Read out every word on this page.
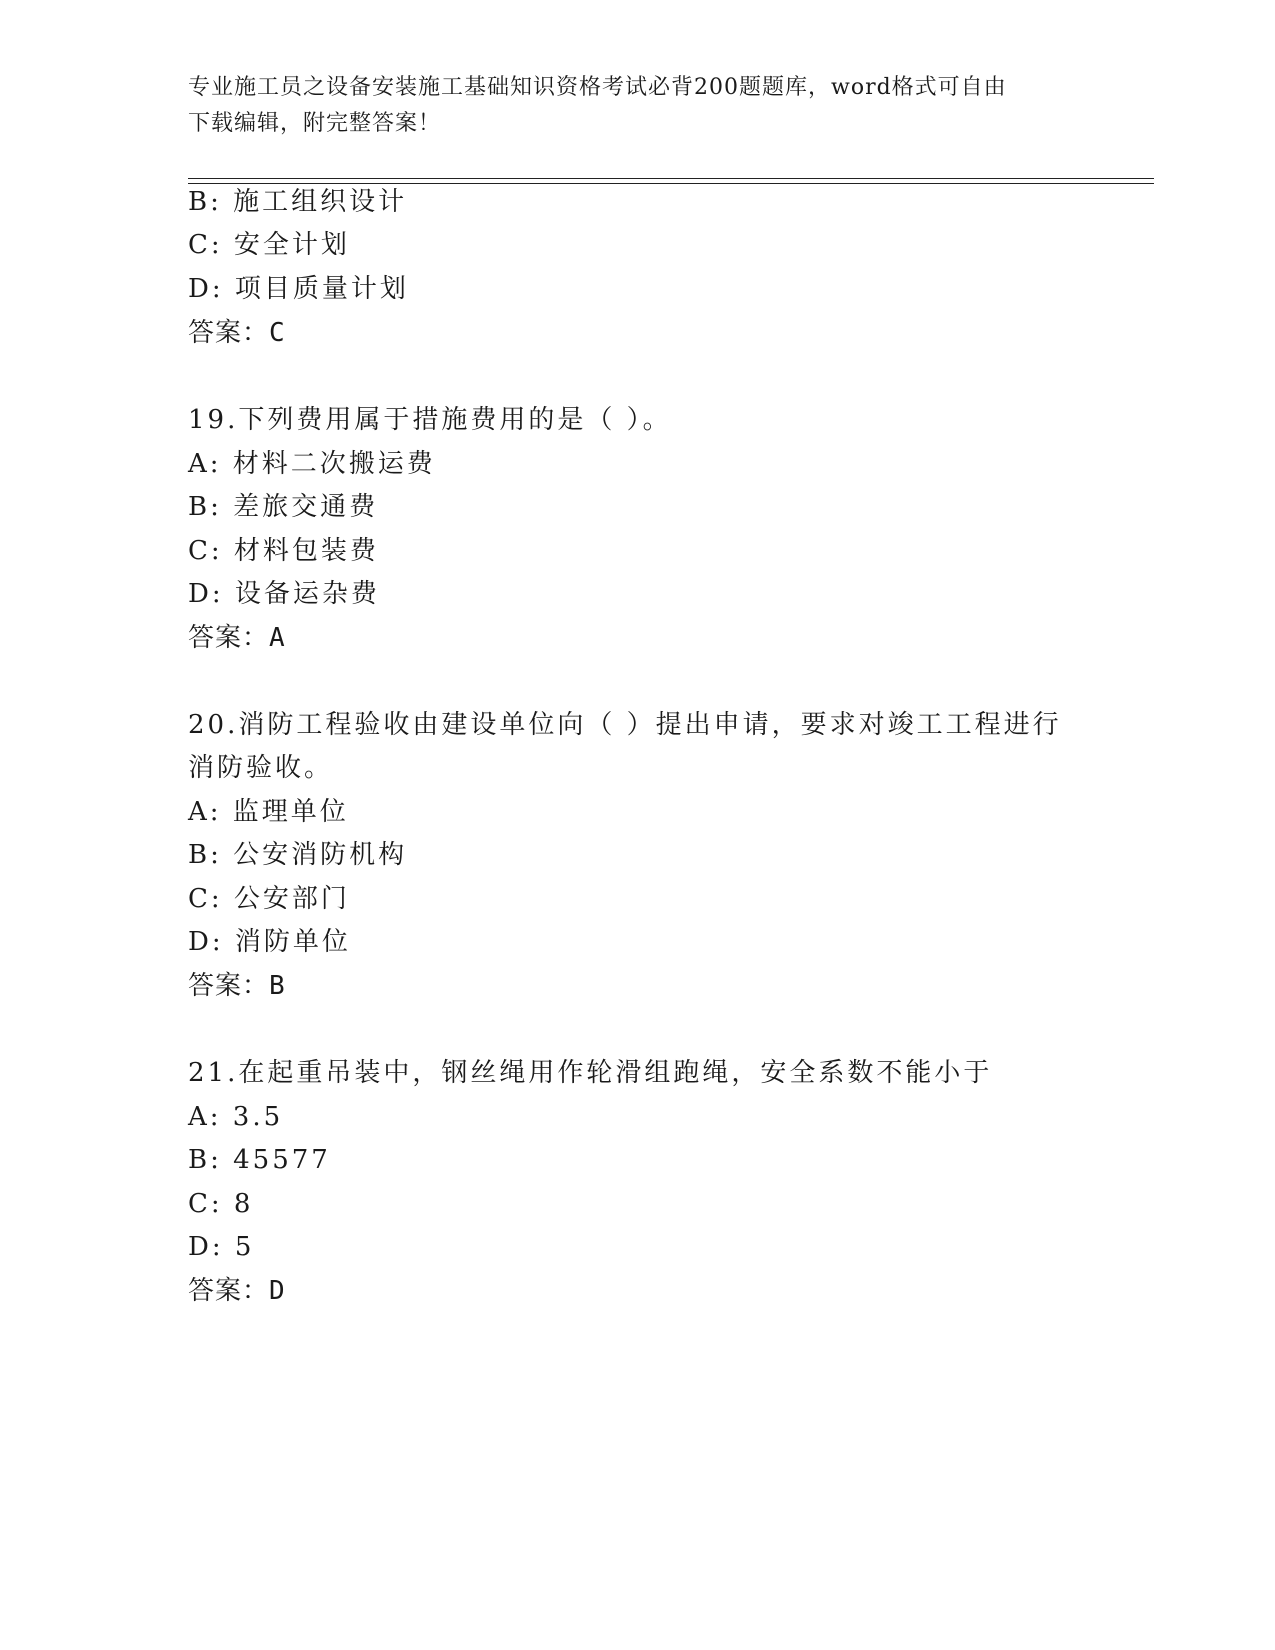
专业施工员之设备安装施工基础知识资格考试必背200题题库，word格式可自由
下载编辑，附完整答案！
B: 施工组织设计
C: 安全计划
D: 项目质量计划
答案：C
19.下列费用属于措施费用的是（ ）。
A: 材料二次搬运费
B: 差旅交通费
C: 材料包装费
D: 设备运杂费
答案：A
20.消防工程验收由建设单位向（ ）提出申请，要求对竣工工程进行
消防验收。
A: 监理单位
B: 公安消防机构
C: 公安部门
D: 消防单位
答案：B
21.在起重吊装中，钢丝绳用作轮滑组跑绳，安全系数不能小于
A: 3.5
B: 45577
C: 8
D: 5
答案：D
